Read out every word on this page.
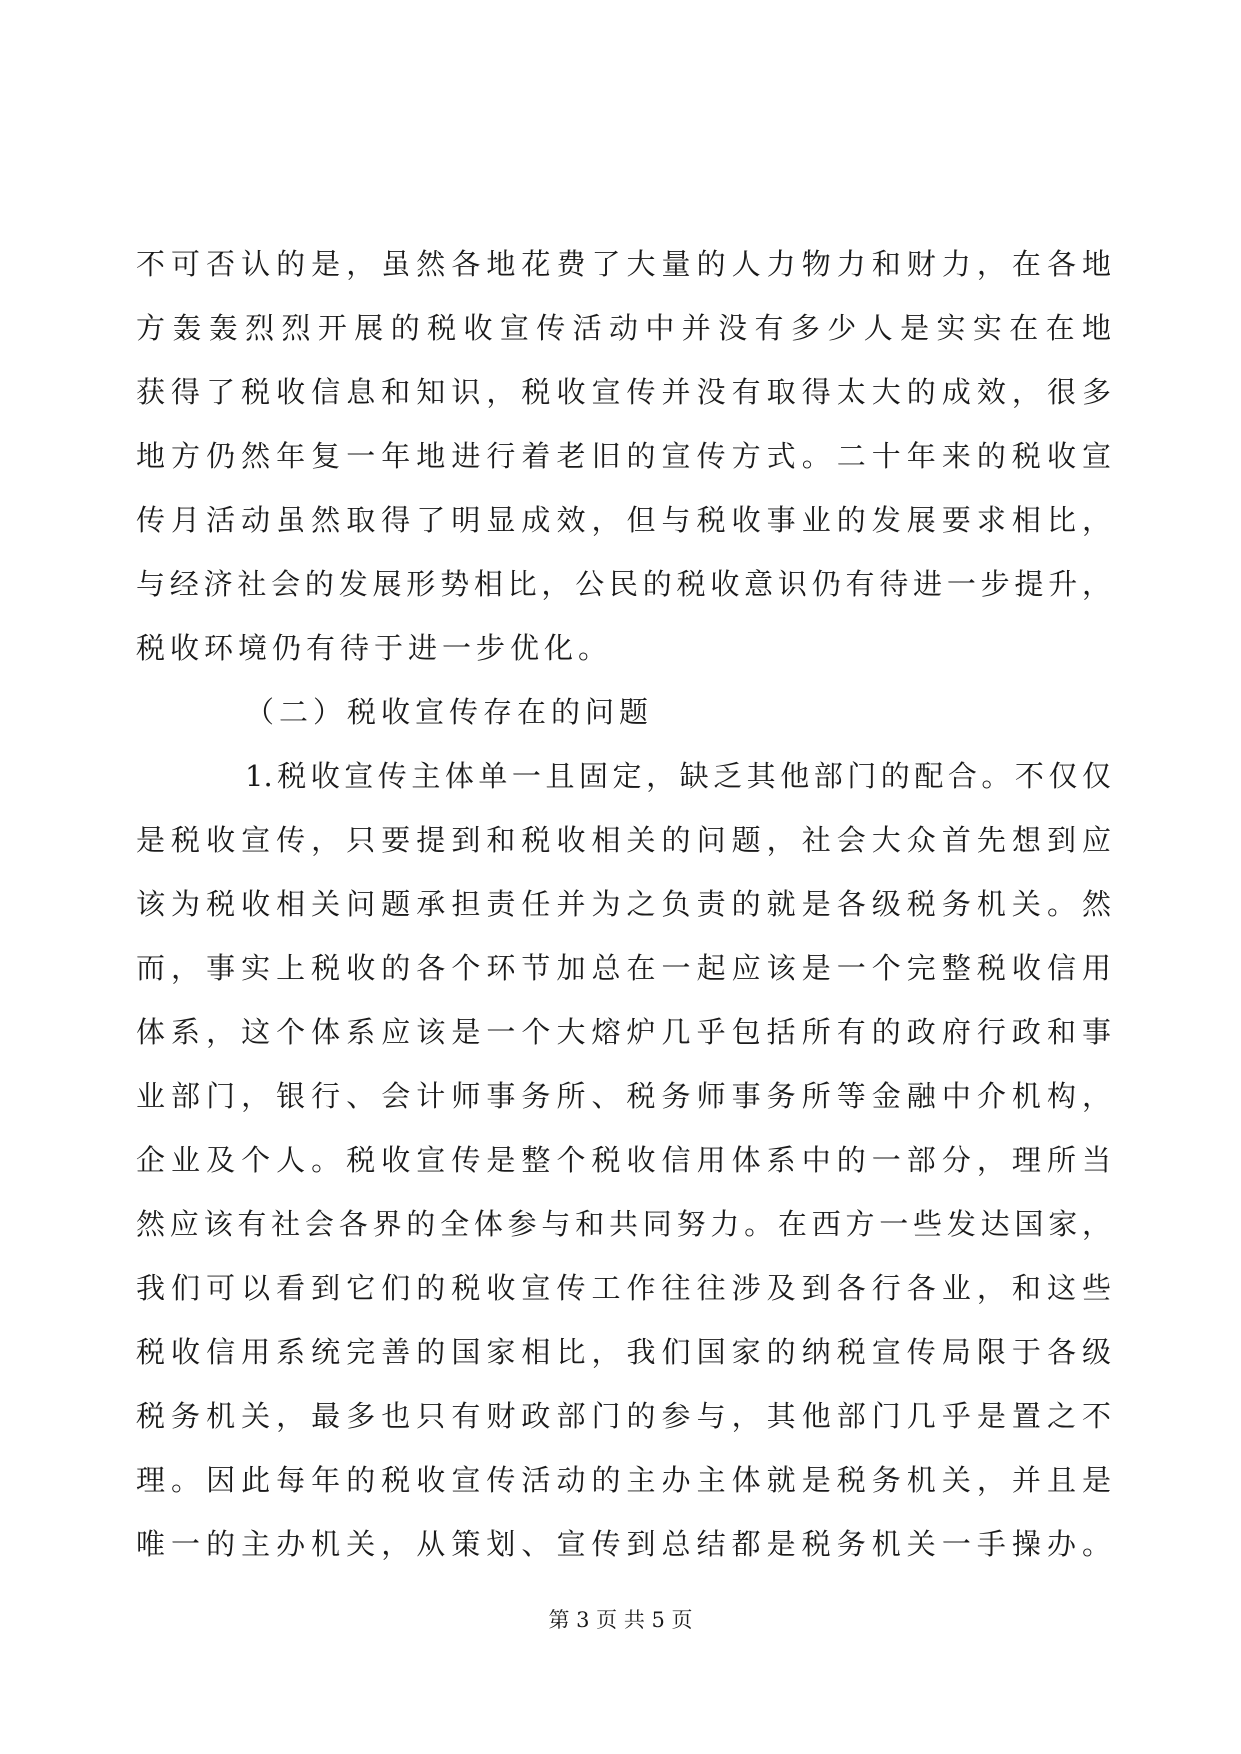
不可否认的是，虽然各地花费了大量的人力物力和财力，在各地
方轰轰烈烈开展的税收宣传活动中并没有多少人是实实在在地
获得了税收信息和知识，税收宣传并没有取得太大的成效，很多
地方仍然年复一年地进行着老旧的宣传方式。二十年来的税收宣
传月活动虽然取得了明显成效，但与税收事业的发展要求相比，
与经济社会的发展形势相比，公民的税收意识仍有待进一步提升，
税收环境仍有待于进一步优化。
（二）税收宣传存在的问题
1.税收宣传主体单一且固定，缺乏其他部门的配合。不仅仅
是税收宣传，只要提到和税收相关的问题，社会大众首先想到应
该为税收相关问题承担责任并为之负责的就是各级税务机关。然
而，事实上税收的各个环节加总在一起应该是一个完整税收信用
体系，这个体系应该是一个大熔炉几乎包括所有的政府行政和事
业部门，银行、会计师事务所、税务师事务所等金融中介机构，
企业及个人。税收宣传是整个税收信用体系中的一部分，理所当
然应该有社会各界的全体参与和共同努力。在西方一些发达国家，
我们可以看到它们的税收宣传工作往往涉及到各行各业，和这些
税收信用系统完善的国家相比，我们国家的纳税宣传局限于各级
税务机关，最多也只有财政部门的参与，其他部门几乎是置之不
理。因此每年的税收宣传活动的主办主体就是税务机关，并且是
唯一的主办机关，从策划、宣传到总结都是税务机关一手操办。
第 3 页 共 5 页
